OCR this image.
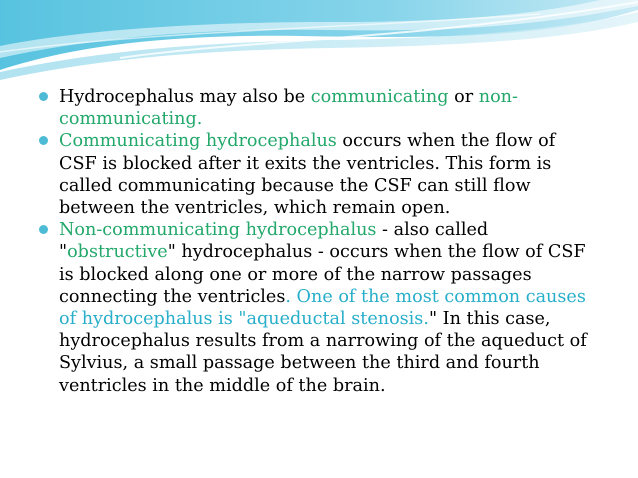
Hydrocephalus may also be communicating or non-communicating.
Communicating hydrocephalus occurs when the flow of CSF is blocked after it exits the ventricles. This form is called communicating because the CSF can still flow between the ventricles, which remain open.
Non-communicating hydrocephalus - also called "obstructive" hydrocephalus - occurs when the flow of CSF is blocked along one or more of the narrow passages connecting the ventricles. One of the most common causes of hydrocephalus is "aqueductal stenosis." In this case, hydrocephalus results from a narrowing of the aqueduct of Sylvius, a small passage between the third and fourth ventricles in the middle of the brain.
